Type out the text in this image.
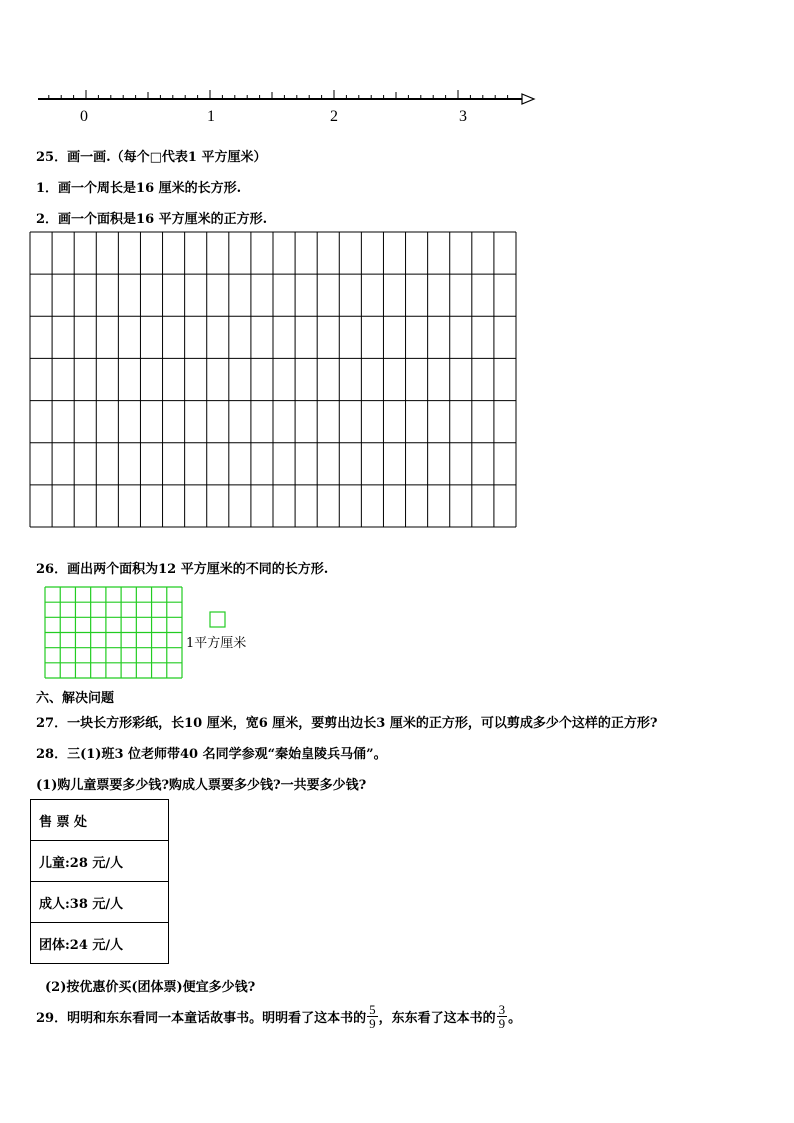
0	1	2	3
25．画一画.（每个□代表1 平方厘米）
1．画一个周长是16 厘米的长方形.
2．画一个面积是16 平方厘米的正方形.
26．画出两个面积为12 平方厘米的不同的长方形.
1平方厘米
六、解决问题
27．一块长方形彩纸，长10 厘米，宽6 厘米，要剪出边长3 厘米的正方形，可以剪成多少个这样的正方形?
28．三(1)班3 位老师带40 名同学参观“秦始皇陵兵马俑”。
(1)购儿童票要多少钱?购成人票要多少钱?一共要多少钱?
售 票 处
儿童:28 元/人
成人:38 元/人
团体:24 元/人
(2)按优惠价买(团体票)便宜多少钱?
29．明明和东东看同一本童话故事书。明明看了这本书的 $\frac{5}{9}$ ，东东看了这本书的 $\frac{3}{9}$ 。
